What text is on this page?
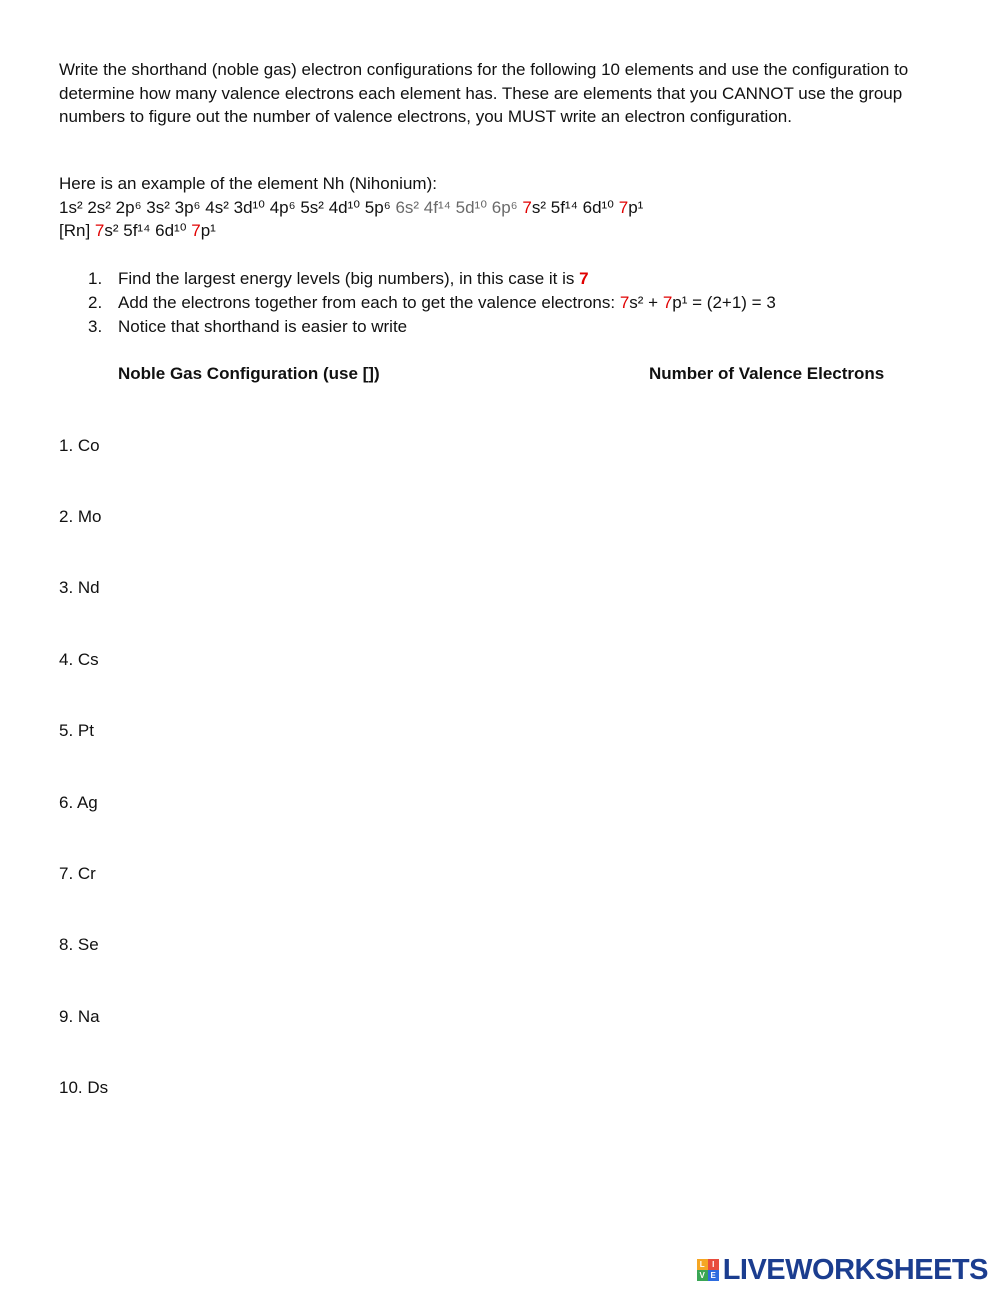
Write the shorthand (noble gas) electron configurations for the following 10 elements and use the configuration to determine how many valence electrons each element has. These are elements that you CANNOT use the group numbers to figure out the number of valence electrons, you MUST write an electron configuration.

Here is an example of the element Nh (Nihonium):
1s² 2s² 2p⁶ 3s² 3p⁶ 4s² 3d¹⁰ 4p⁶ 5s² 4d¹⁰ 5p⁶ 6s² 4f¹⁴ 5d¹⁰ 6p⁶ 7s² 5f¹⁴ 6d¹⁰ 7p¹
[Rn] 7s² 5f¹⁴ 6d¹⁰ 7p¹
1. Find the largest energy levels (big numbers), in this case it is 7
2. Add the electrons together from each to get the valence electrons: 7s² + 7p¹ = (2+1) = 3
3. Notice that shorthand is easier to write
Noble Gas Configuration (use [])	Number of Valence Electrons
1. Co
2. Mo
3. Nd
4. Cs
5. Pt
6. Ag
7. Cr
8. Se
9. Na
10. Ds
L I
V E LIVEWORKSHEETS
